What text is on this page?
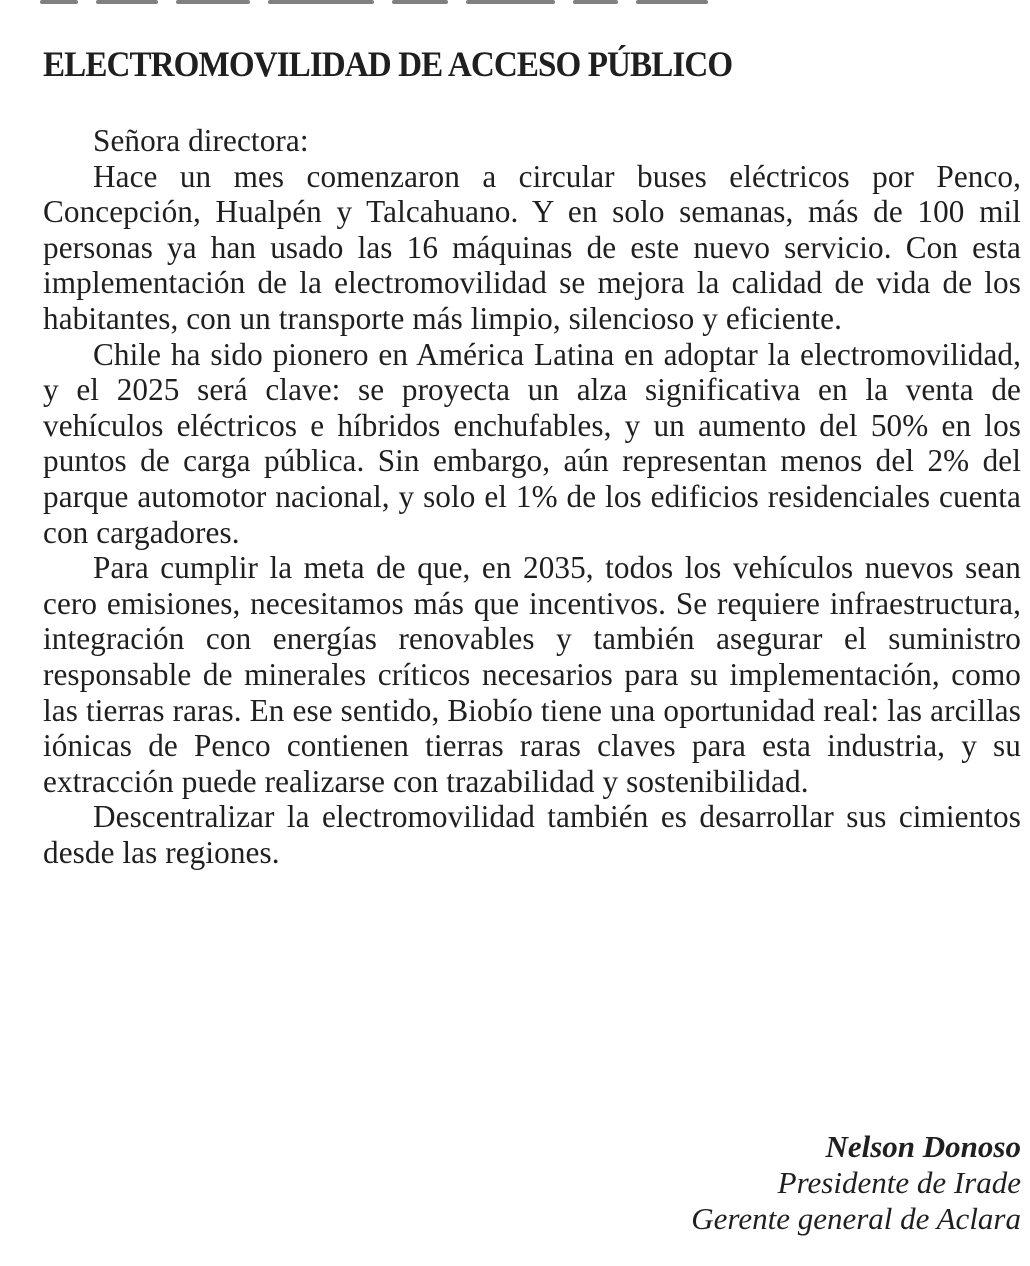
ELECTROMOVILIDAD DE ACCESO PÚBLICO

Señora directora:

Hace un mes comenzaron a circular buses eléctricos por Penco, Concepción, Hualpén y Talcahuano. Y en solo semanas, más de 100 mil personas ya han usado las 16 máquinas de este nuevo servicio. Con esta implementación de la electromovilidad se mejora la calidad de vida de los habitantes, con un transporte más limpio, silencioso y eficiente.

Chile ha sido pionero en América Latina en adoptar la electromovilidad, y el 2025 será clave: se proyecta un alza significativa en la venta de vehículos eléctricos e híbridos enchufables, y un aumento del 50% en los puntos de carga pública. Sin embargo, aún representan menos del 2% del parque automotor nacional, y solo el 1% de los edificios residenciales cuenta con cargadores.

Para cumplir la meta de que, en 2035, todos los vehículos nuevos sean cero emisiones, necesitamos más que incentivos. Se requiere infraestructura, integración con energías renovables y también asegurar el suministro responsable de minerales críticos necesarios para su implementación, como las tierras raras. En ese sentido, Biobío tiene una oportunidad real: las arcillas iónicas de Penco contienen tierras raras claves para esta industria, y su extracción puede realizarse con trazabilidad y sostenibilidad.

Descentralizar la electromovilidad también es desarrollar sus cimientos desde las regiones.

Nelson Donoso

Presidente de Irade

Gerente general de Aclara
